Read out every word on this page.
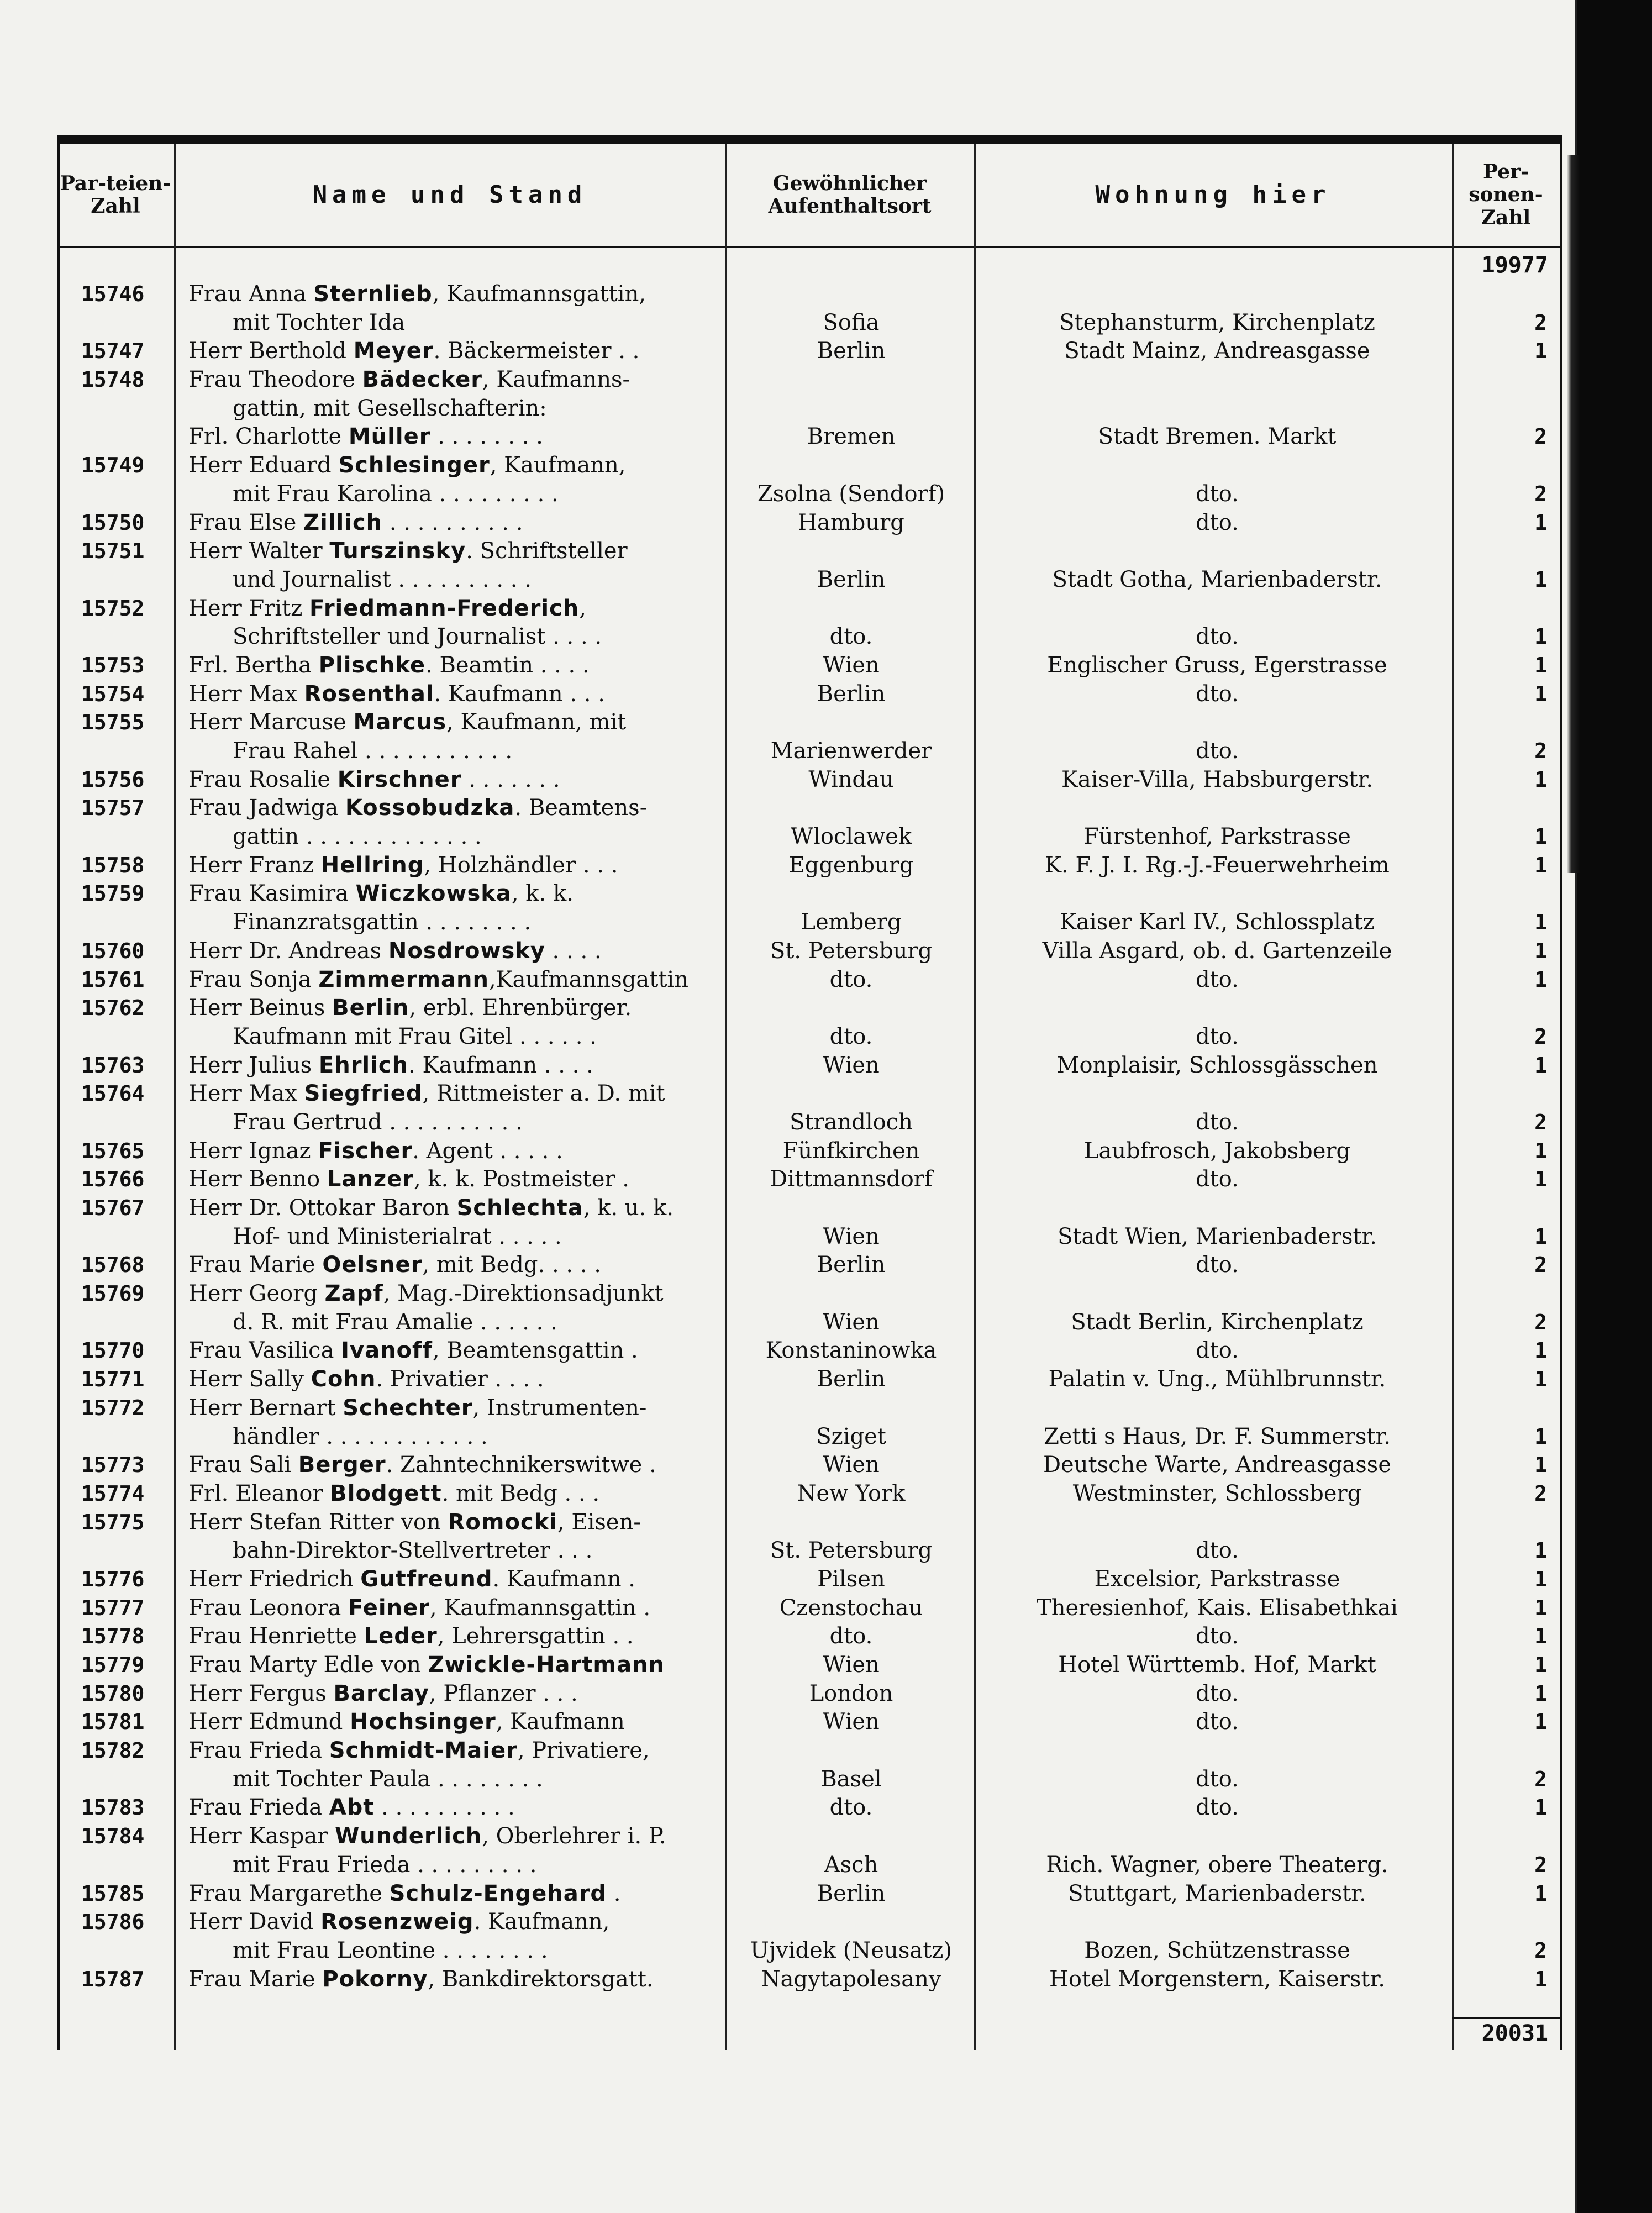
Par-teien-Zahl	Name und Stand	Gewöhnlicher Aufenthaltsort	Wohnung hier
Per-sonen-Zahl
19977
15746 Frau Anna Sternlieb, Kaufmannsgattin,
mit Tochter Ida	Sofia	Stephansturm, Kirchenplatz	2
15747 Herr Berthold Meyer. Bäckermeister . .	Berlin	Stadt Mainz, Andreasgasse	1
15748 Frau Theodore Bädecker, Kaufmanns-
gattin, mit Gesellschafterin:
Frl. Charlotte Müller . . . . . . . .	Bremen	Stadt Bremen. Markt	2
15749 Herr Eduard Schlesinger, Kaufmann,
mit Frau Karolina . . . . . . . . .	Zsolna (Sendorf)	dto.	2
15750 Frau Else Zillich . . . . . . . . . .	Hamburg	dto.	1
15751 Herr Walter Turszinsky. Schriftsteller
und Journalist . . . . . . . . . .	Berlin	Stadt Gotha, Marienbaderstr.	1
15752 Herr Fritz Friedmann-Frederich,
Schriftsteller und Journalist . . . .	dto.	dto.	1
15753 Frl. Bertha Plischke. Beamtin . . . .	Wien	Englischer Gruss, Egerstrasse	1
15754 Herr Max Rosenthal. Kaufmann . . .	Berlin	dto.	1
15755 Herr Marcuse Marcus, Kaufmann, mit
Frau Rahel . . . . . . . . . . .	Marienwerder	dto.	2
15756 Frau Rosalie Kirschner . . . . . . .	Windau	Kaiser-Villa, Habsburgerstr.	1
15757 Frau Jadwiga Kossobudzka. Beamtens-
gattin . . . . . . . . . . . . .	Wloclawek	Fürstenhof, Parkstrasse	1
15758 Herr Franz Hellring, Holzhändler . . .	Eggenburg	K. F. J. I. Rg.-J.-Feuerwehrheim	1
15759 Frau Kasimira Wiczkowska, k. k.
Finanzratsgattin . . . . . . . .	Lemberg	Kaiser Karl IV., Schlossplatz	1
15760 Herr Dr. Andreas Nosdrowsky . . . .	St. Petersburg	Villa Asgard, ob. d. Gartenzeile	1
15761 Frau Sonja Zimmermann,Kaufmannsgattin	dto.	dto.	1
15762 Herr Beinus Berlin, erbl. Ehrenbürger.
Kaufmann mit Frau Gitel . . . . . .	dto.	dto.	2
15763 Herr Julius Ehrlich. Kaufmann . . . .	Wien	Monplaisir, Schlossgässchen	1
15764 Herr Max Siegfried, Rittmeister a. D. mit
Frau Gertrud . . . . . . . . . .	Strandloch	dto.	2
15765 Herr Ignaz Fischer. Agent . . . . .	Fünfkirchen	Laubfrosch, Jakobsberg	1
15766 Herr Benno Lanzer, k. k. Postmeister .	Dittmannsdorf	dto.	1
15767 Herr Dr. Ottokar Baron Schlechta, k. u. k.
Hof- und Ministerialrat . . . . .	Wien	Stadt Wien, Marienbaderstr.	1
15768 Frau Marie Oelsner, mit Bedg. . . . .	Berlin	dto.	2
15769 Herr Georg Zapf, Mag.-Direktionsadjunkt
d. R. mit Frau Amalie . . . . . .	Wien	Stadt Berlin, Kirchenplatz	2
15770 Frau Vasilica Ivanoff, Beamtensgattin .	Konstaninowka	dto.	1
15771 Herr Sally Cohn. Privatier . . . .	Berlin	Palatin v. Ung., Mühlbrunnstr.	1
15772 Herr Bernart Schechter, Instrumenten-
händler . . . . . . . . . . . .	Sziget	Zetti s Haus, Dr. F. Summerstr.	1
15773 Frau Sali Berger. Zahntechnikerswitwe .	Wien	Deutsche Warte, Andreasgasse	1
15774 Frl. Eleanor Blodgett. mit Bedg . . .	New York	Westminster, Schlossberg	2
15775 Herr Stefan Ritter von Romocki, Eisen-
bahn-Direktor-Stellvertreter . . .	St. Petersburg	dto.	1
15776 Herr Friedrich Gutfreund. Kaufmann .	Pilsen	Excelsior, Parkstrasse	1
15777 Frau Leonora Feiner, Kaufmannsgattin .	Czenstochau	Theresienhof, Kais. Elisabethkai	1
15778 Frau Henriette Leder, Lehrersgattin . .	dto.	dto.	1
15779 Frau Marty Edle von Zwickle-Hartmann	Wien	Hotel Württemb. Hof, Markt	1
15780 Herr Fergus Barclay, Pflanzer . . .	London	dto.	1
15781 Herr Edmund Hochsinger, Kaufmann	Wien	dto.	1
15782 Frau Frieda Schmidt-Maier, Privatiere,
mit Tochter Paula . . . . . . . .	Basel	dto.	2
15783 Frau Frieda Abt . . . . . . . . . .	dto.	dto.	1
15784 Herr Kaspar Wunderlich, Oberlehrer i. P.
mit Frau Frieda . . . . . . . . .	Asch	Rich. Wagner, obere Theaterg.	2
15785 Frau Margarethe Schulz-Engehard .	Berlin	Stuttgart, Marienbaderstr.	1
15786 Herr David Rosenzweig. Kaufmann,
mit Frau Leontine . . . . . . . .	Ujvidek (Neusatz)	Bozen, Schützenstrasse	2
15787 Frau Marie Pokorny, Bankdirektorsgatt.	Nagytapolesany	Hotel Morgenstern, Kaiserstr.	1
20031
